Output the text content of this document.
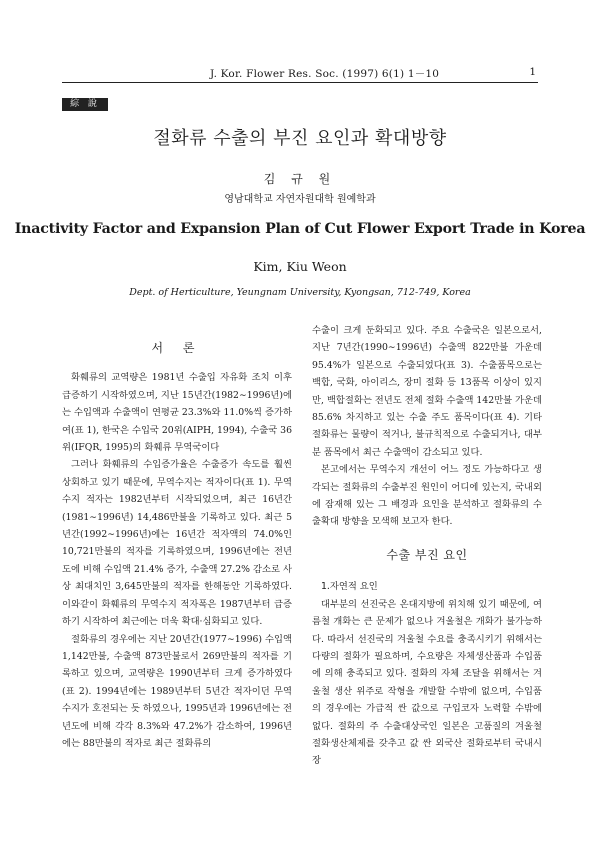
J. Kor. Flower Res. Soc. (1997) 6(1) 1－10	1
綜 說
절화류 수출의 부진 요인과 확대방향
김 규 원
영남대학교 자연자원대학 원예학과
Inactivity Factor and Expansion Plan of Cut Flower Export Trade in Korea
Kim, Kiu Weon
Dept. of Herticulture, Yeungnam University, Kyongsan, 712-749, Korea
서 론

화훼류의 교역량은 1981년 수출입 자유화 조치 이후 급증하기 시작하였으며, 지난 15년간(1982∼1996년)에는 수입액과 수출액이 연평균 23.3%와 11.0%씩 증가하여(표 1), 한국은 수입국 20위(AIPH, 1994), 수출국 36위(IFQR, 1995)의 화훼류 무역국이다

그러나 화훼류의 수입증가율은 수출증가 속도를 훨씬 상회하고 있기 때문에, 무역수지는 적자이다(표 1). 무역수지 적자는 1982년부터 시작되었으며, 최근 16년간(1981∼1996년) 14,486만불을 기록하고 있다. 최근 5년간(1992∼1996년)에는 16년간 적자액의 74.0%인 10,721만불의 적자를 기록하였으며, 1996년에는 전년도에 비해 수입액 21.4% 증가, 수출액 27.2% 감소로 사상 최대치인 3,645만불의 적자를 한해동안 기록하였다. 이와같이 화훼류의 무역수지 적자폭은 1987년부터 급증하기 시작하여 최근에는 더욱 확대·심화되고 있다.

절화류의 경우에는 지난 20년간(1977∼1996) 수입액 1,142만불, 수출액 873만불로서 269만불의 적자를 기록하고 있으며, 교역량은 1990년부터 크게 증가하였다(표 2). 1994년에는 1989년부터 5년간 적자이던 무역수지가 호전되는 듯 하였으나, 1995년과 1996년에는 전년도에 비해 각각 8.3%와 47.2%가 감소하여, 1996년에는 88만불의 적자로 최근 절화류의

수출이 크게 둔화되고 있다. 주요 수출국은 일본으로서, 지난 7년간(1990∼1996년) 수출액 822만불 가운데 95.4%가 일본으로 수출되었다(표 3). 수출품목으로는 백합, 국화, 아이리스, 장미 절화 등 13품목 이상이 있지만, 백합절화는 전년도 전체 절화 수출액 142만불 가운데 85.6% 차지하고 있는 수출 주도 품목이다(표 4). 기타 절화류는 물량이 적거나, 불규칙적으로 수출되거나, 대부분 품목에서 최근 수출액이 감소되고 있다.

본고에서는 무역수지 개선이 어느 정도 가능하다고 생각되는 절화류의 수출부진 원인이 어디에 있는지, 국내외에 잠재해 있는 그 배경과 요인을 분석하고 절화류의 수출확대 방향을 모색해 보고자 한다.

수출 부진 요인

1.자연적 요인

대부분의 선진국은 온대지방에 위치해 있기 때문에, 여름철 개화는 큰 문제가 없으나 겨울철은 개화가 불가능하다. 따라서 선진국의 겨울철 수요를 충족시키기 위해서는 다량의 절화가 필요하며, 수요량은 자체생산품과 수입품에 의해 충족되고 있다. 절화의 자체 조달을 위해서는 겨울철 생산 위주로 작형을 개발할 수밖에 없으며, 수입품의 경우에는 가급적 싼 값으로 구입코자 노력할 수밖에 없다. 절화의 주 수출대상국인 일본은 고품질의 겨울철 절화생산체제를 갖추고 값 싼 외국산 절화로부터 국내시장
